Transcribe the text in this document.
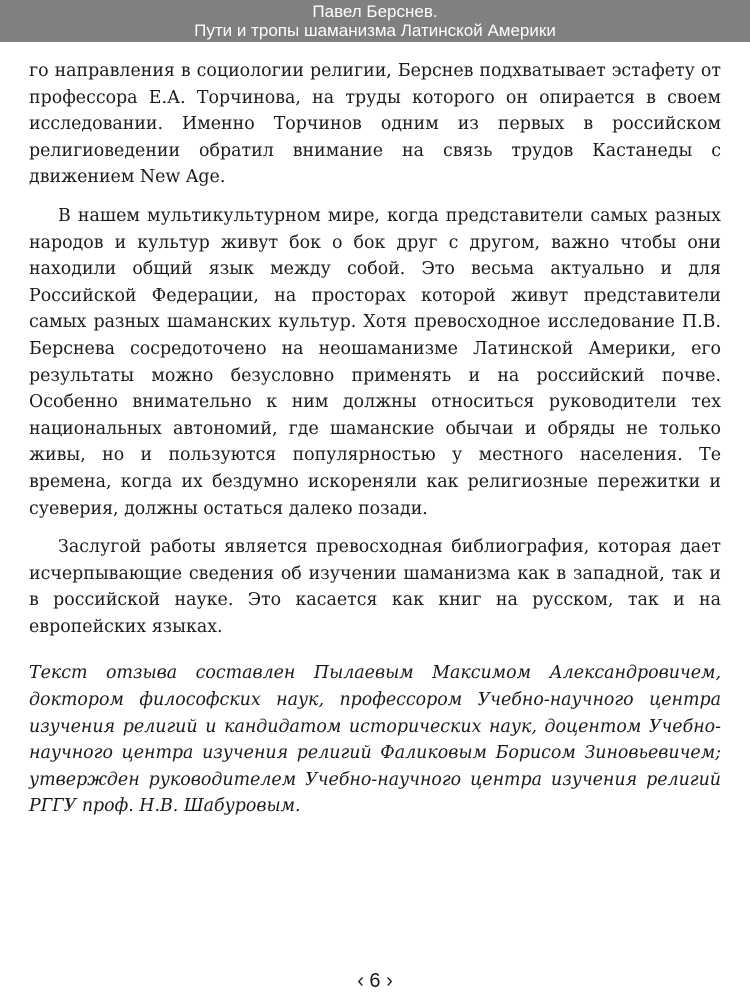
Павел Берснев.
Пути и тропы шаманизма Латинской Америки

го направления в социологии религии, Берснев подхватывает эстафету от профессора Е.А. Торчинова, на труды которого он опирается в своем исследовании. Именно Торчинов одним из первых в российском религиоведении обратил внимание на связь трудов Кастанеды с движением New Age.

В нашем мультикультурном мире, когда представители самых разных народов и культур живут бок о бок друг с другом, важно чтобы они находили общий язык между собой. Это весьма актуально и для Российской Федерации, на просторах которой живут представители самых разных шаманских культур. Хотя превосходное исследование П.В. Берснева сосредоточено на неошаманизме Латинской Америки, его результаты можно безусловно применять и на российский почве. Особенно внимательно к ним должны относиться руководители тех национальных автономий, где шаманские обычаи и обряды не только живы, но и пользуются популярностью у местного населения. Те времена, когда их бездумно искореняли как религиозные пережитки и суеверия, должны остаться далеко позади.

Заслугой работы является превосходная библиография, которая дает исчерпывающие сведения об изучении шаманизма как в западной, так и в российской науке. Это касается как книг на русском, так и на европейских языках.

Текст отзыва составлен Пылаевым Максимом Александровичем, доктором философских наук, профессором Учебно-научного центра изучения религий и кандидатом исторических наук, доцентом Учебно-научного центра изучения религий Фаликовым Борисом Зиновьевичем; утвержден руководителем Учебно-научного центра изучения религий РГГУ проф. Н.В. Шабуровым.

‹ 6 ›
